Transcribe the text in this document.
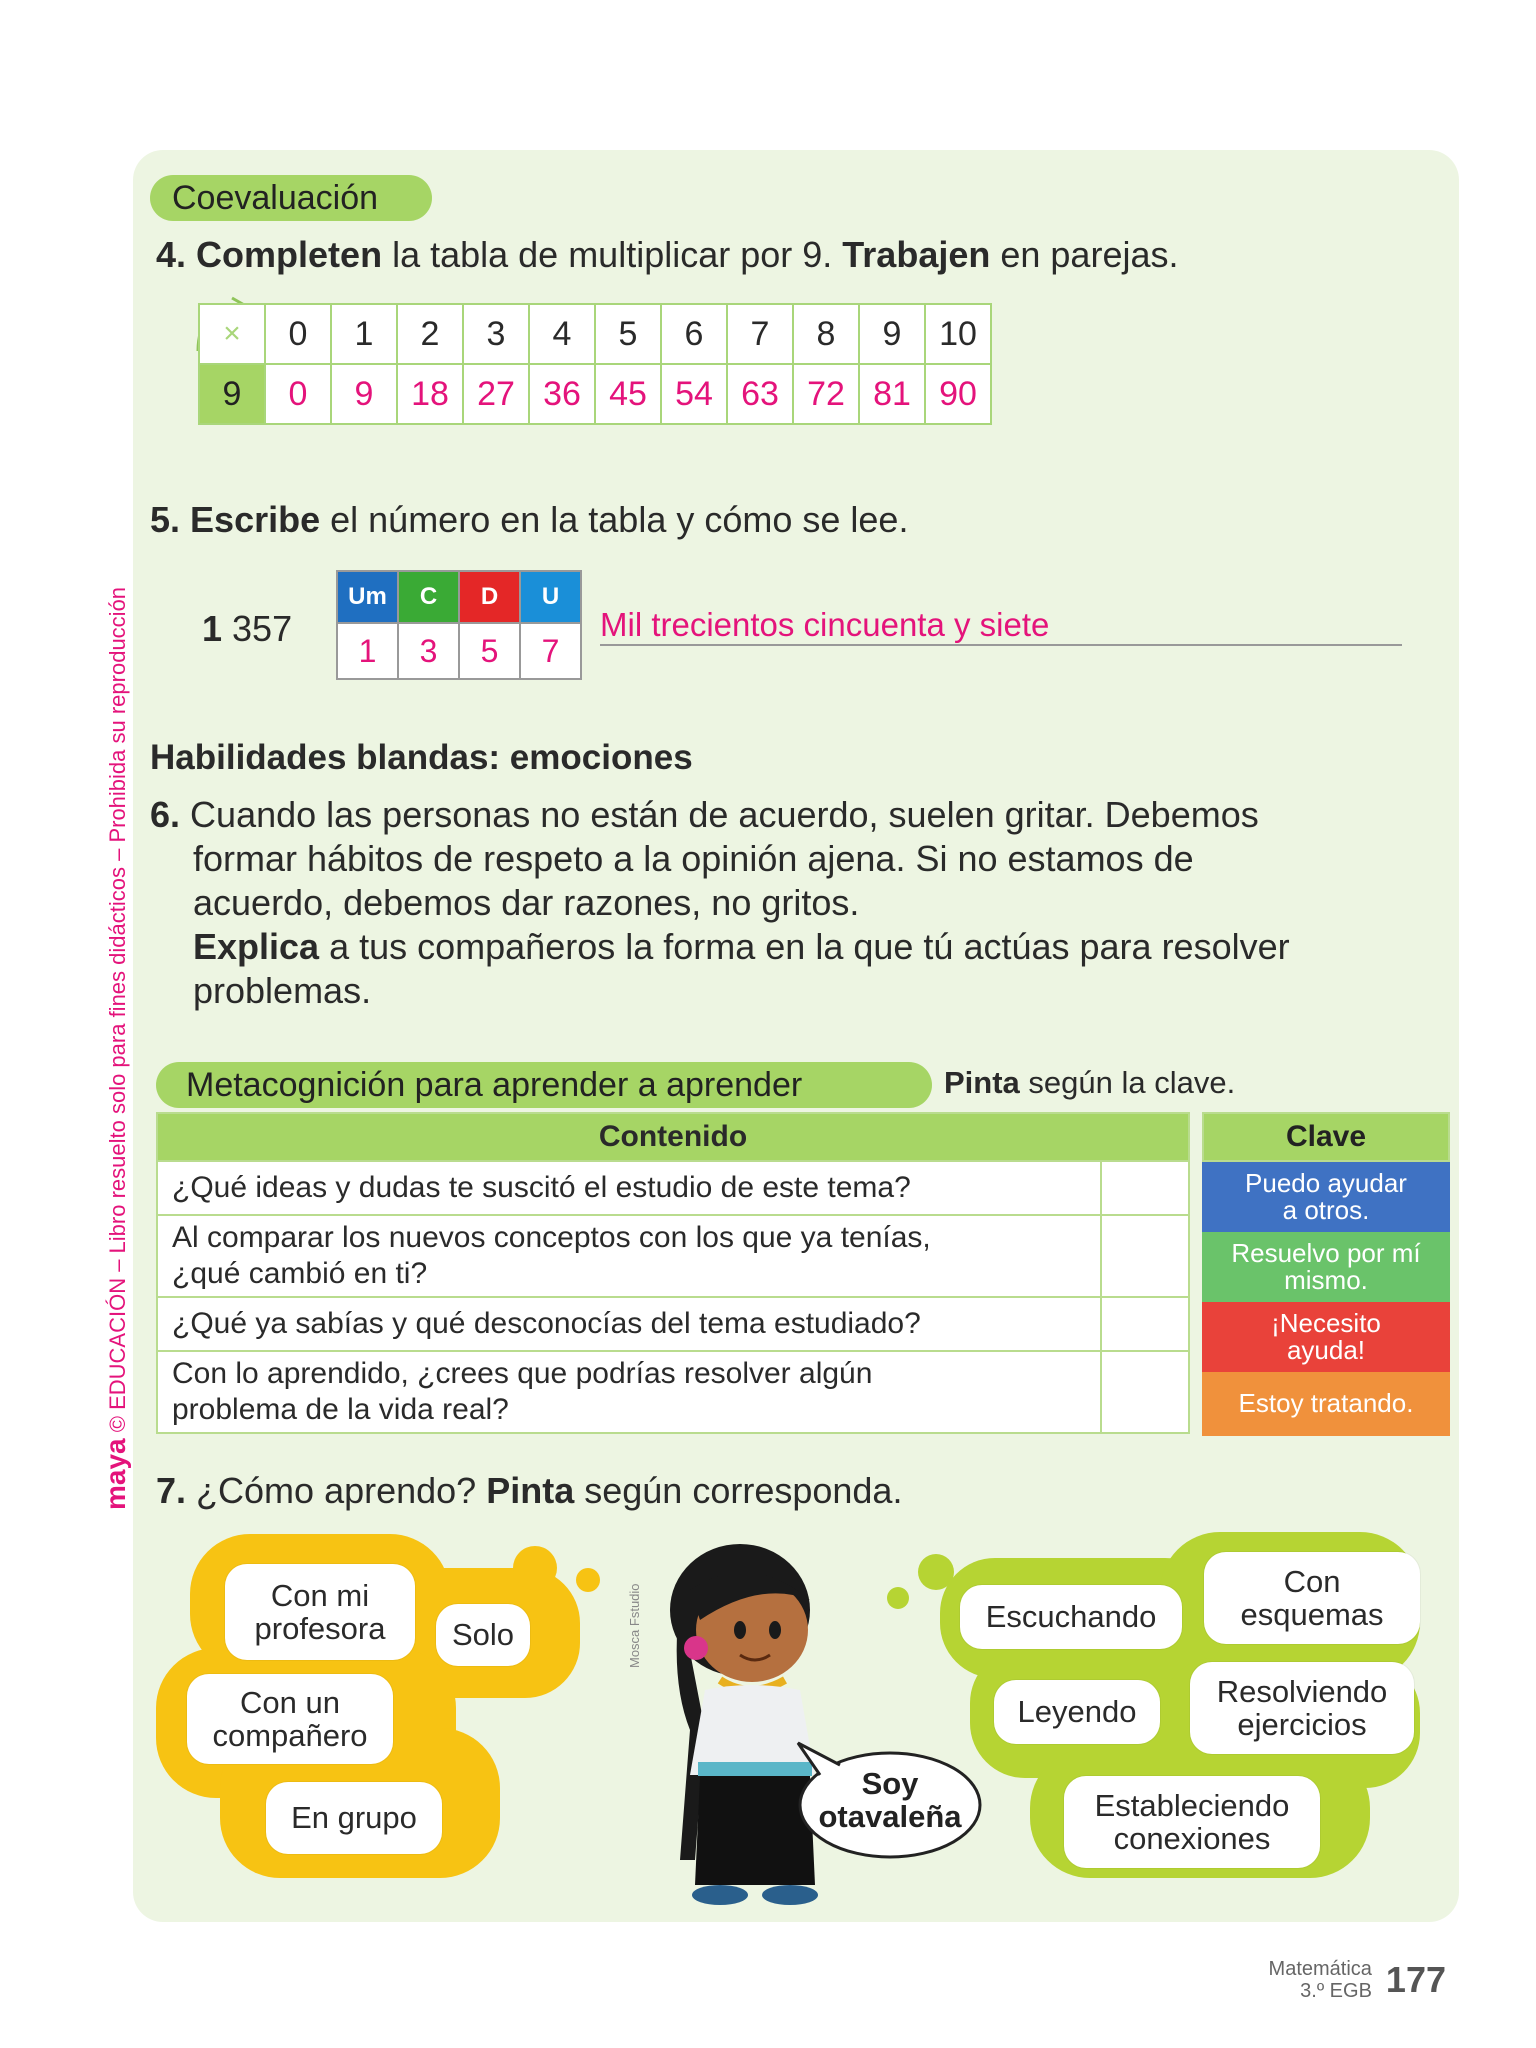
maya © EDUCACIÓN – Libro resuelto solo para fines didácticos – Prohibida su reproducción
Coevaluación
4. Completen la tabla de multiplicar por 9. Trabajen en parejas.
×	0	1	2	3	4	5	6	7	8	9	10
9	0	9	18	27	36	45	54	63	72	81	90
5. Escribe el número en la tabla y cómo se lee.
1 357
Um	C	D	U
1	3	5	7
Mil trecientos cincuenta y siete
Habilidades blandas: emociones
6. Cuando las personas no están de acuerdo, suelen gritar. Debemos
formar hábitos de respeto a la opinión ajena. Si no estamos de
acuerdo, debemos dar razones, no gritos.
Explica a tus compañeros la forma en la que tú actúas para resolver
problemas.
Metacognición para aprender a aprender	Pinta según la clave.
Contenido	

¿Qué ideas y dudas te suscitó el estudio de este tema?	

Al comparar los nuevos conceptos con los que ya tenías,
¿qué cambió en ti?	

¿Qué ya sabías y qué desconocías del tema estudiado?	

Con lo aprendido, ¿crees que podrías resolver algún
problema de la vida real?	

Clave
Puedo ayudar
a otros.
Resuelvo por mí
mismo.
¡Necesito
ayuda!
Estoy tratando.
7. ¿Cómo aprendo? Pinta según corresponda.
Con mi
profesora Solo
Con un
compañero
En grupo
Escuchando
Con
esquemas
Leyendo
Resolviendo
ejercicios
Estableciendo
conexiones
Soy
otavaleña
Mosca Fstudio
Matemática
3.º EGB 177
